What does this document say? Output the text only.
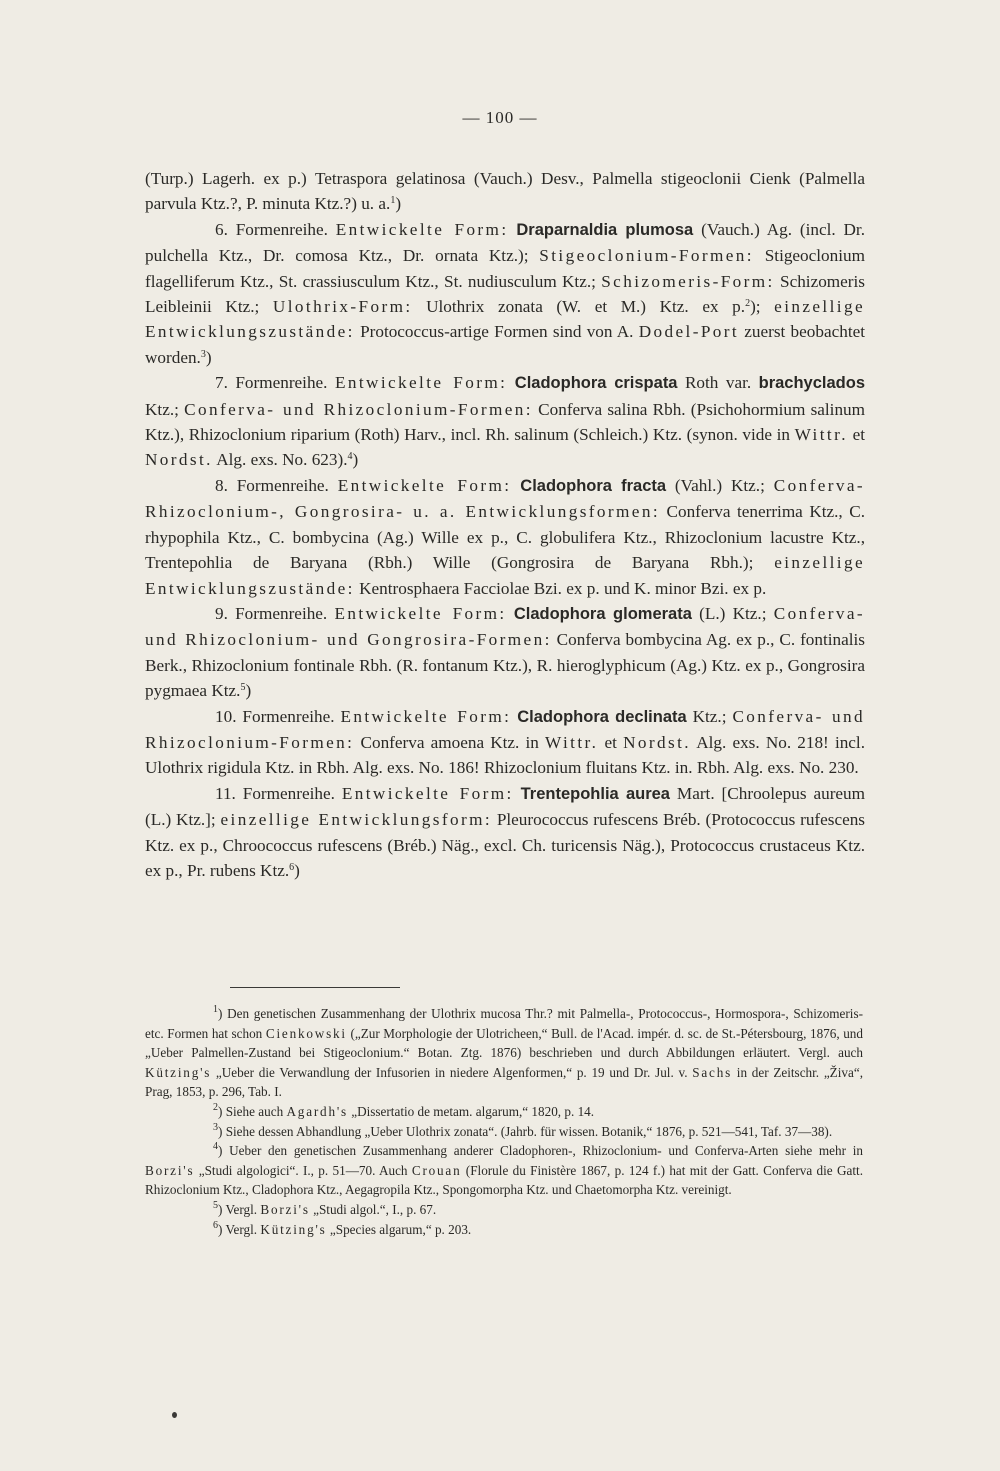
— 100 —

(Turp.) Lagerh. ex p.) Tetraspora gelatinosa (Vauch.) Desv., Palmella stigeoclonii Cienk (Palmella parvula Ktz.?, P. minuta Ktz.?) u. a.$^1$)

6. Formenreihe. Entwickelte Form: Draparnaldia plumosa (Vauch.) Ag. (incl. Dr. pulchella Ktz., Dr. comosa Ktz., Dr. ornata Ktz.); Stigeoclonium-Formen: Stigeoclonium flagelliferum Ktz., St. crassiusculum Ktz., St. nudiusculum Ktz.; Schizomeris-Form: Schizomeris Leibleinii Ktz.; Ulothrix-Form: Ulothrix zonata (W. et M.) Ktz. ex p.$^2$); einzellige Entwicklungszustände: Protococcus-artige Formen sind von A. Dodel-Port zuerst beobachtet worden.$^3$)

7. Formenreihe. Entwickelte Form: Cladophora crispata Roth var. brachyclados Ktz.; Conferva- und Rhizoclonium-Formen: Conferva salina Rbh. (Psichohormium salinum Ktz.), Rhizoclonium riparium (Roth) Harv., incl. Rh. salinum (Schleich.) Ktz. (synon. vide in Wittr. et Nordst. Alg. exs. No. 623).$^4$)

8. Formenreihe. Entwickelte Form: Cladophora fracta (Vahl.) Ktz.; Conferva-Rhizoclonium-, Gongrosira- u. a. Entwicklungsformen: Conferva tenerrima Ktz., C. rhypophila Ktz., C. bombycina (Ag.) Wille ex p., C. globulifera Ktz., Rhizoclonium lacustre Ktz., Trentepohlia de Baryana (Rbh.) Wille (Gongrosira de Baryana Rbh.); einzellige Entwicklungszustände: Kentrosphaera Facciolae Bzi. ex p. und K. minor Bzi. ex p.

9. Formenreihe. Entwickelte Form: Cladophora glomerata (L.) Ktz.; Conferva- und Rhizoclonium- und Gongrosira-Formen: Conferva bombycina Ag. ex p., C. fontinalis Berk., Rhizoclonium fontinale Rbh. (R. fontanum Ktz.), R. hieroglyphicum (Ag.) Ktz. ex p., Gongrosira pygmaea Ktz.$^5$)

10. Formenreihe. Entwickelte Form: Cladophora declinata Ktz.; Conferva- und Rhizoclonium-Formen: Conferva amoena Ktz. in Wittr. et Nordst. Alg. exs. No. 218! incl. Ulothrix rigidula Ktz. in Rbh. Alg. exs. No. 186! Rhizoclonium fluitans Ktz. in. Rbh. Alg. exs. No. 230.

11. Formenreihe. Entwickelte Form: Trentepohlia aurea Mart. [Chroolepus aureum (L.) Ktz.]; einzellige Entwicklungsform: Pleurococcus rufescens Bréb. (Protococcus rufescens Ktz. ex p., Chroococcus rufescens (Bréb.) Näg., excl. Ch. turicensis Näg.), Protococcus crustaceus Ktz. ex p., Pr. rubens Ktz.$^6$)

$^1$) Den genetischen Zusammenhang der Ulothrix mucosa Thr.? mit Palmella-, Protococcus-, Hormospora-, Schizomeris- etc. Formen hat schon Cienkowski („Zur Morphologie der Ulotricheen,“ Bull. de l'Acad. impér. d. sc. de St.-Pétersbourg, 1876, und „Ueber Palmellen-Zustand bei Stigeoclonium.“ Botan. Ztg. 1876) beschrieben und durch Abbildungen erläutert. Vergl. auch Kützing's „Ueber die Verwandlung der Infusorien in niedere Algenformen,“ p. 19 und Dr. Jul. v. Sachs in der Zeitschr. „Živa“, Prag, 1853, p. 296, Tab. I.

$^2$) Siehe auch Agardh's „Dissertatio de metam. algarum,“ 1820, p. 14.

$^3$) Siehe dessen Abhandlung „Ueber Ulothrix zonata“. (Jahrb. für wissen. Botanik,“ 1876, p. 521—541, Taf. 37—38).

$^4$) Ueber den genetischen Zusammenhang anderer Cladophoren-, Rhizoclonium- und Conferva-Arten siehe mehr in Borzi's „Studi algologici“. I., p. 51—70. Auch Crouan (Florule du Finistère 1867, p. 124 f.) hat mit der Gatt. Conferva die Gatt. Rhizoclonium Ktz., Cladophora Ktz., Aegagropila Ktz., Spongomorpha Ktz. und Chaetomorpha Ktz. vereinigt.

$^5$) Vergl. Borzi's „Studi algol.“, I., p. 67.

$^6$) Vergl. Kützing's „Species algarum,“ p. 203.
